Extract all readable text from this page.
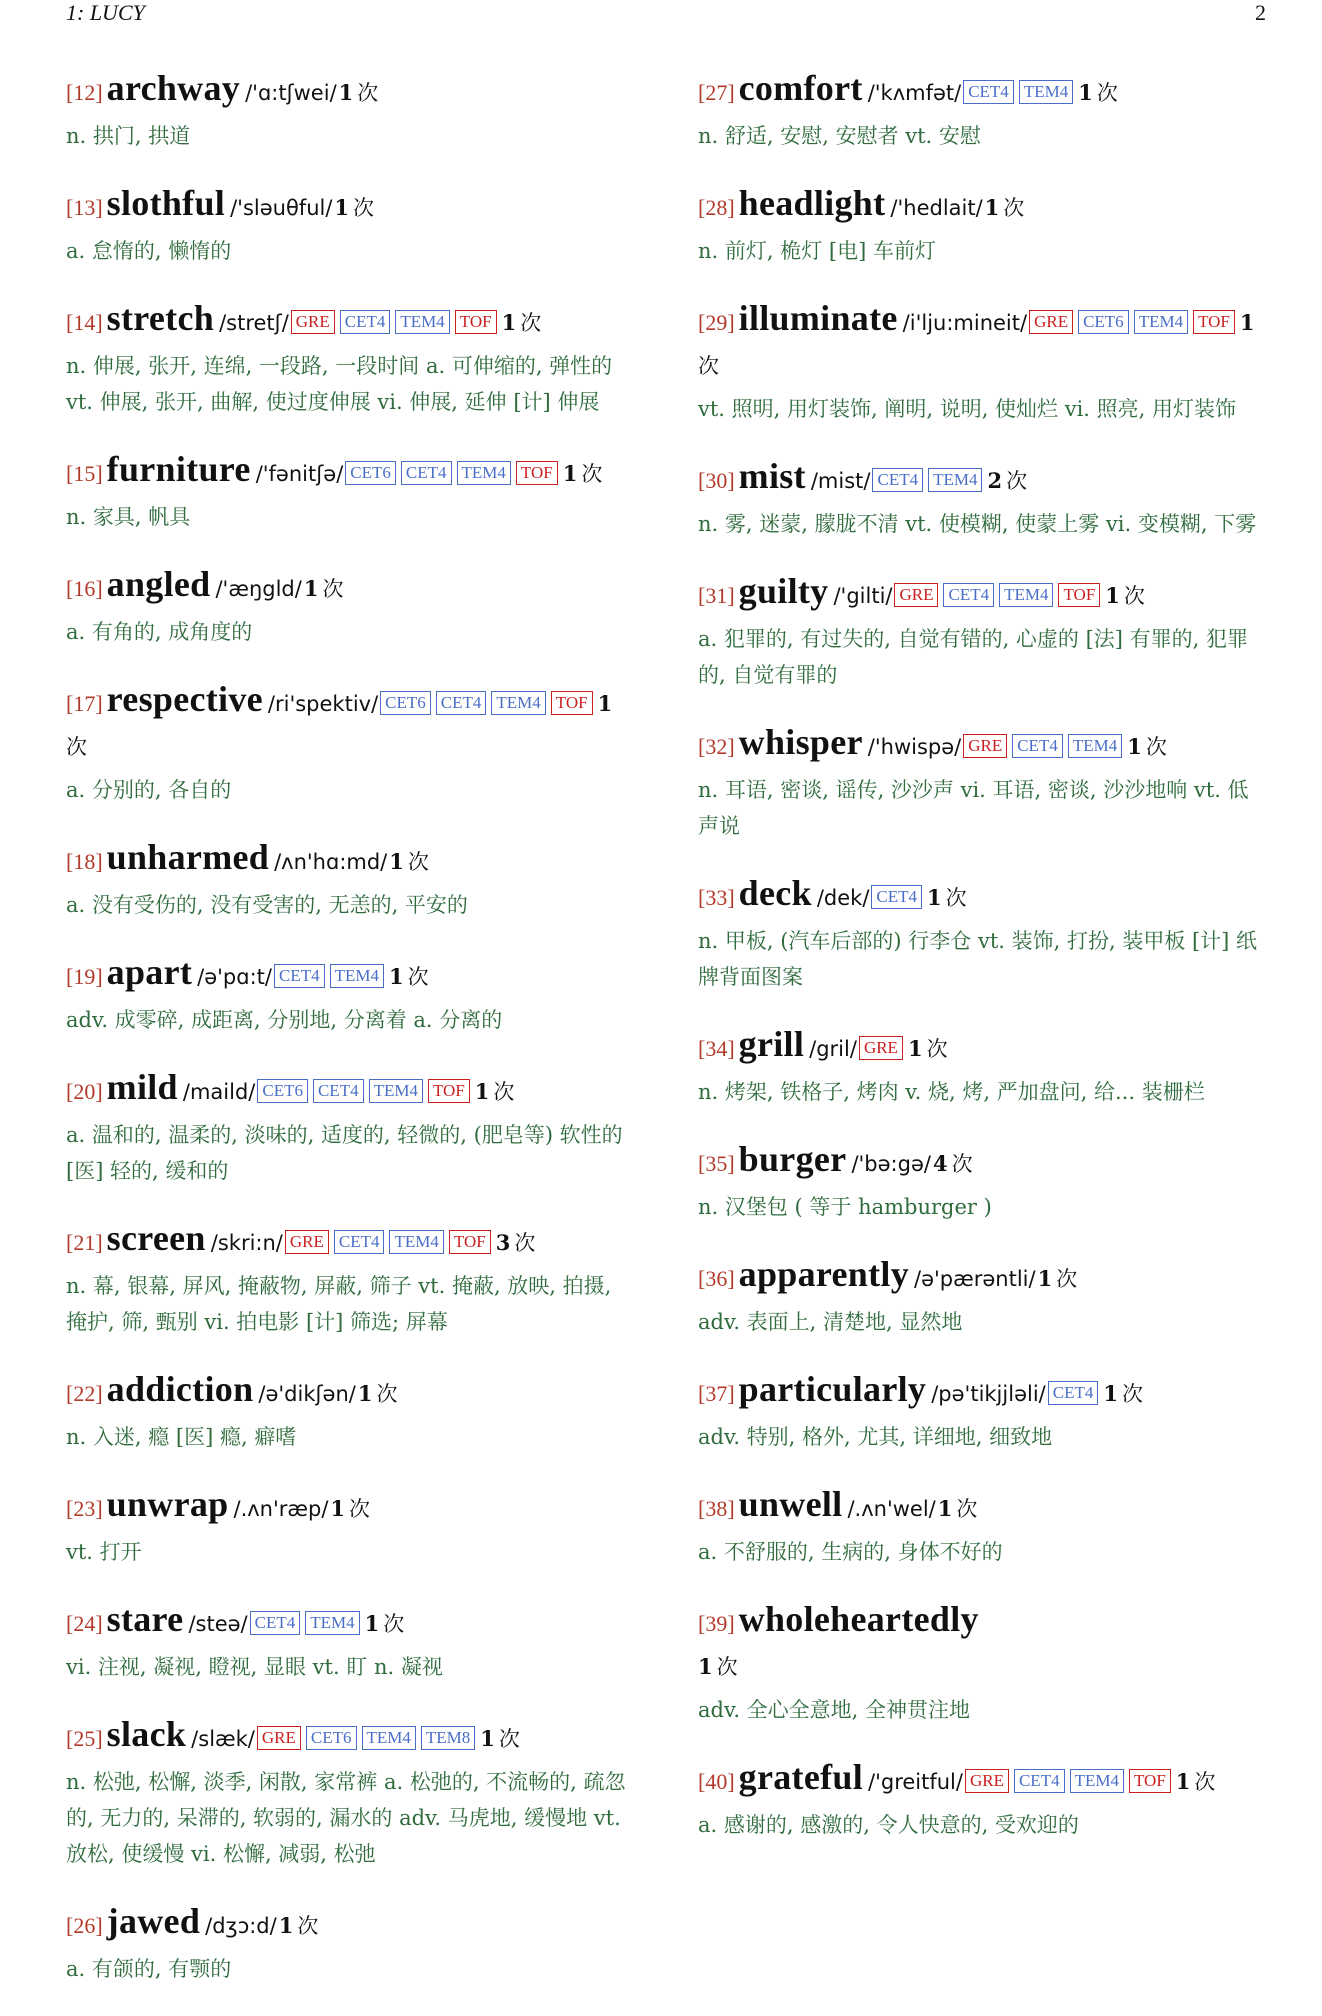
1: LUCY	2
[12] archway /'ɑ:tʃwei/1 次
n. 拱门, 拱道
[13] slothful /'sləuθful/1 次
a. 怠惰的, 懒惰的
[14] stretch /stretʃ/ GRE CET4 TEM4 TOF 1 次
n. 伸展, 张开, 连绵, 一段路, 一段时间 a. 可伸缩的, 弹性的 vt. 伸展, 张开, 曲解, 使过度伸展 vi. 伸展, 延伸 [计] 伸展
[15] furniture /'fənitʃə/ CET6 CET4 TEM4 TOF 1 次
n. 家具, 帆具
[16] angled /'æŋgld/1 次
a. 有角的, 成角度的
[17] respective /ri'spektiv/ CET6 CET4 TEM4 TOF 1 次
a. 分别的, 各自的
[18] unharmed /ʌn'hɑ:md/1 次
a. 没有受伤的, 没有受害的, 无恙的, 平安的
[19] apart /ə'pɑ:t/ CET4 TEM4 1 次
adv. 成零碎, 成距离, 分别地, 分离着 a. 分离的
[20] mild /maild/ CET6 CET4 TEM4 TOF 1 次
a. 温和的, 温柔的, 淡味的, 适度的, 轻微的, (肥皂等) 软性的 [医] 轻的, 缓和的
[21] screen /skri:n/ GRE CET4 TEM4 TOF 3 次
n. 幕, 银幕, 屏风, 掩蔽物, 屏蔽, 筛子 vt. 掩蔽, 放映, 拍摄, 掩护, 筛, 甄别 vi. 拍电影 [计] 筛选; 屏幕
[22] addiction /ə'dikʃən/1 次
n. 入迷, 瘾 [医] 瘾, 癖嗜
[23] unwrap /.ʌn'ræp/1 次
vt. 打开
[24] stare /steə/ CET4 TEM4 1 次
vi. 注视, 凝视, 瞪视, 显眼 vt. 盯 n. 凝视
[25] slack /slæk/ GRE CET6 TEM4 TEM8 1 次
n. 松弛, 松懈, 淡季, 闲散, 家常裤 a. 松弛的, 不流畅的, 疏忽的, 无力的, 呆滞的, 软弱的, 漏水的 adv. 马虎地, 缓慢地 vt. 放松, 使缓慢 vi. 松懈, 减弱, 松弛
[26] jawed /dʒɔ:d/1 次
a. 有颌的, 有颚的
[27] comfort /'kʌmfət/ CET4 TEM4 1 次
n. 舒适, 安慰, 安慰者 vt. 安慰
[28] headlight /'hedlait/1 次
n. 前灯, 桅灯 [电] 车前灯
[29] illuminate /i'lju:mineit/ GRE CET6 TEM4 TOF 1 次
vt. 照明, 用灯装饰, 阐明, 说明, 使灿烂 vi. 照亮, 用灯装饰
[30] mist /mist/ CET4 TEM4 2 次
n. 雾, 迷蒙, 朦胧不清 vt. 使模糊, 使蒙上雾 vi. 变模糊, 下雾
[31] guilty /'gilti/ GRE CET4 TEM4 TOF 1 次
a. 犯罪的, 有过失的, 自觉有错的, 心虚的 [法] 有罪的, 犯罪的, 自觉有罪的
[32] whisper /'hwispə/ GRE CET4 TEM4 1 次
n. 耳语, 密谈, 谣传, 沙沙声 vi. 耳语, 密谈, 沙沙地响 vt. 低声说
[33] deck /dek/ CET4 1 次
n. 甲板, (汽车后部的) 行李仓 vt. 装饰, 打扮, 装甲板 [计] 纸牌背面图案
[34] grill /gril/ GRE 1 次
n. 烤架, 铁格子, 烤肉 v. 烧, 烤, 严加盘问, 给... 装栅栏
[35] burger /'bə:gə/4 次
n. 汉堡包 ( 等于 hamburger )
[36] apparently /ə'pærəntli/1 次
adv. 表面上, 清楚地, 显然地
[37] particularly /pə'tikjjləli/ CET4 1 次
adv. 特别, 格外, 尤其, 详细地, 细致地
[38] unwell /.ʌn'wel/1 次
a. 不舒服的, 生病的, 身体不好的
[39] wholeheartedly
1 次
adv. 全心全意地, 全神贯注地
[40] grateful /'greitful/ GRE CET4 TEM4 TOF 1 次
a. 感谢的, 感激的, 令人快意的, 受欢迎的
